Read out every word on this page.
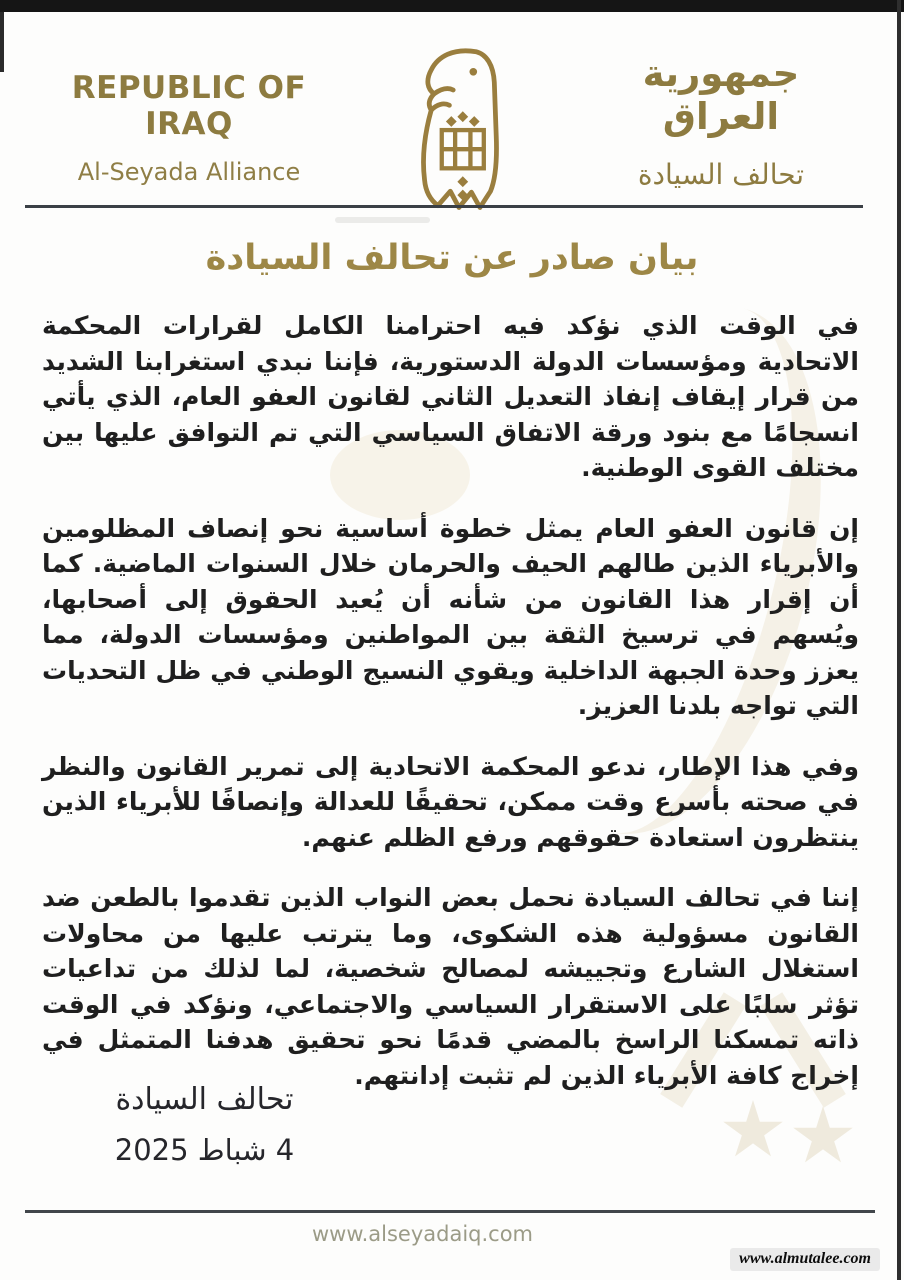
REPUBLIC OF IRAQ
Al-Seyada Alliance
جمهورية العراق
تحالف السيادة
بيان صادر عن تحالف السيادة

في الوقت الذي نؤكد فيه احترامنا الكامل لقرارات المحكمة الاتحادية ومؤسسات الدولة الدستورية، فإننا نبدي استغرابنا الشديد من قرار إيقاف إنفاذ التعديل الثاني لقانون العفو العام، الذي يأتي انسجامًا مع بنود ورقة الاتفاق السياسي التي تم التوافق عليها بين مختلف القوى الوطنية.

إن قانون العفو العام يمثل خطوة أساسية نحو إنصاف المظلومين والأبرياء الذين طالهم الحيف والحرمان خلال السنوات الماضية. كما أن إقرار هذا القانون من شأنه أن يُعيد الحقوق إلى أصحابها، ويُسهم في ترسيخ الثقة بين المواطنين ومؤسسات الدولة، مما يعزز وحدة الجبهة الداخلية ويقوي النسيج الوطني في ظل التحديات التي تواجه بلدنا العزيز.

وفي هذا الإطار، ندعو المحكمة الاتحادية إلى تمرير القانون والنظر في صحته بأسرع وقت ممكن، تحقيقًا للعدالة وإنصافًا للأبرياء الذين ينتظرون استعادة حقوقهم ورفع الظلم عنهم.

إننا في تحالف السيادة نحمل بعض النواب الذين تقدموا بالطعن ضد القانون مسؤولية هذه الشكوى، وما يترتب عليها من محاولات استغلال الشارع وتجييشه لمصالح شخصية، لما لذلك من تداعيات تؤثر سلبًا على الاستقرار السياسي والاجتماعي، ونؤكد في الوقت ذاته تمسكنا الراسخ بالمضي قدمًا نحو تحقيق هدفنا المتمثل في إخراج كافة الأبرياء الذين لم تثبت إدانتهم.

تحالف السيادة
4 شباط 2025
www.alseyadaiq.com
www.almutalee.com
